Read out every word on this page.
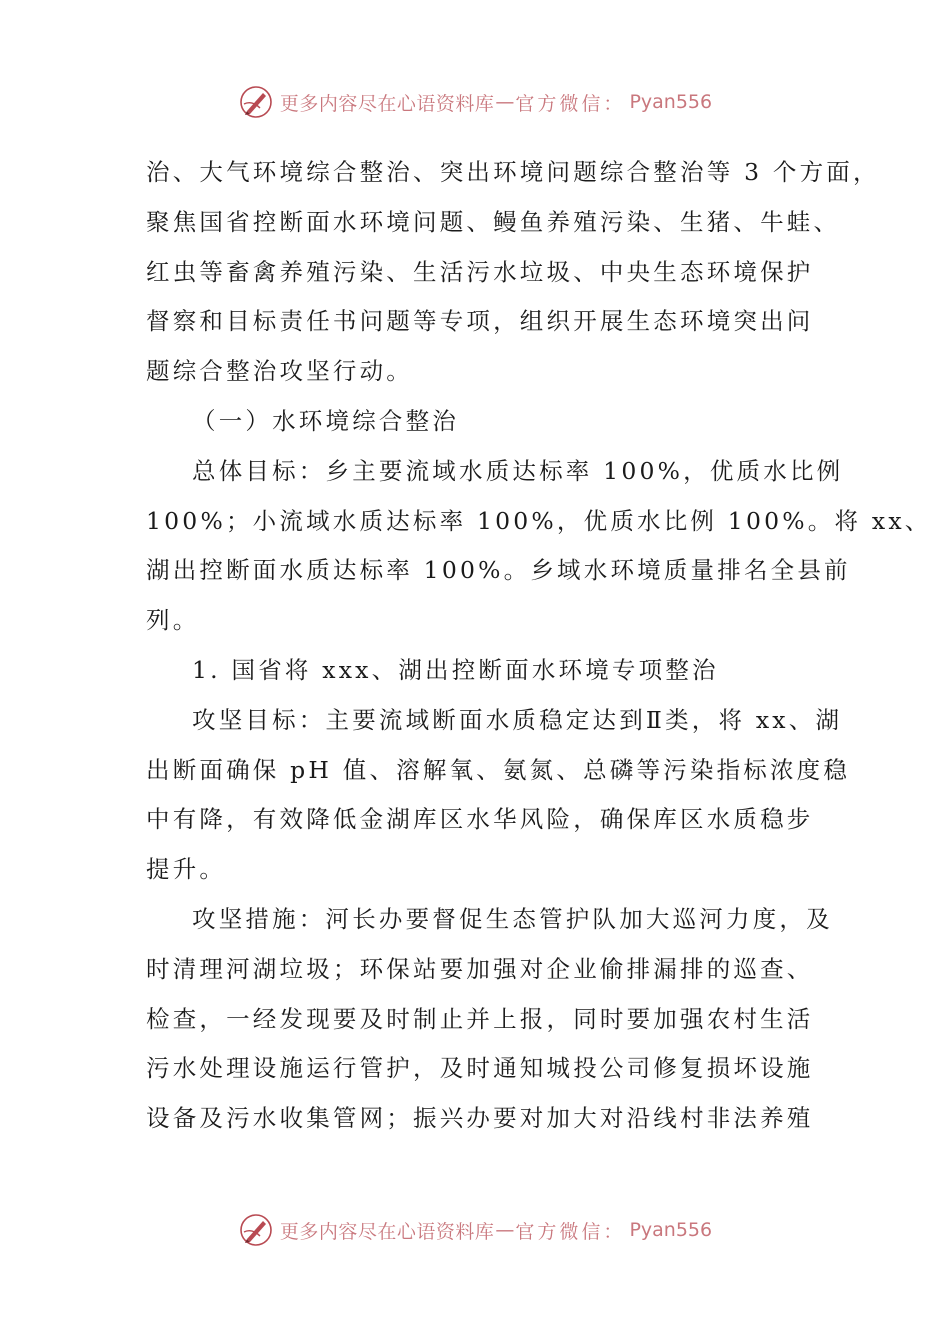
更多内容尽在心语资料库 — 官方微信： Pyan556
治、大气环境综合整治、突出环境问题综合整治等 3 个方面，
聚焦国省控断面水环境问题、鳗鱼养殖污染、生猪、牛蛙、
红虫等畜禽养殖污染、生活污水垃圾、中央生态环境保护
督察和目标责任书问题等专项，组织开展生态环境突出问
题综合整治攻坚行动。
（一）水环境综合整治
总体目标：乡主要流域水质达标率 100%，优质水比例
100%；小流域水质达标率 100%，优质水比例 100%。将 xx、
湖出控断面水质达标率 100%。乡域水环境质量排名全县前
列。
1. 国省将 xxx、湖出控断面水环境专项整治
攻坚目标：主要流域断面水质稳定达到Ⅱ类，将 xx、湖
出断面确保 pH 值、溶解氧、氨氮、总磷等污染指标浓度稳
中有降，有效降低金湖库区水华风险，确保库区水质稳步
提升。
攻坚措施：河长办要督促生态管护队加大巡河力度，及
时清理河湖垃圾；环保站要加强对企业偷排漏排的巡查、
检查，一经发现要及时制止并上报，同时要加强农村生活
污水处理设施运行管护，及时通知城投公司修复损坏设施
设备及污水收集管网；振兴办要对加大对沿线村非法养殖
更多内容尽在心语资料库 — 官方微信： Pyan556
